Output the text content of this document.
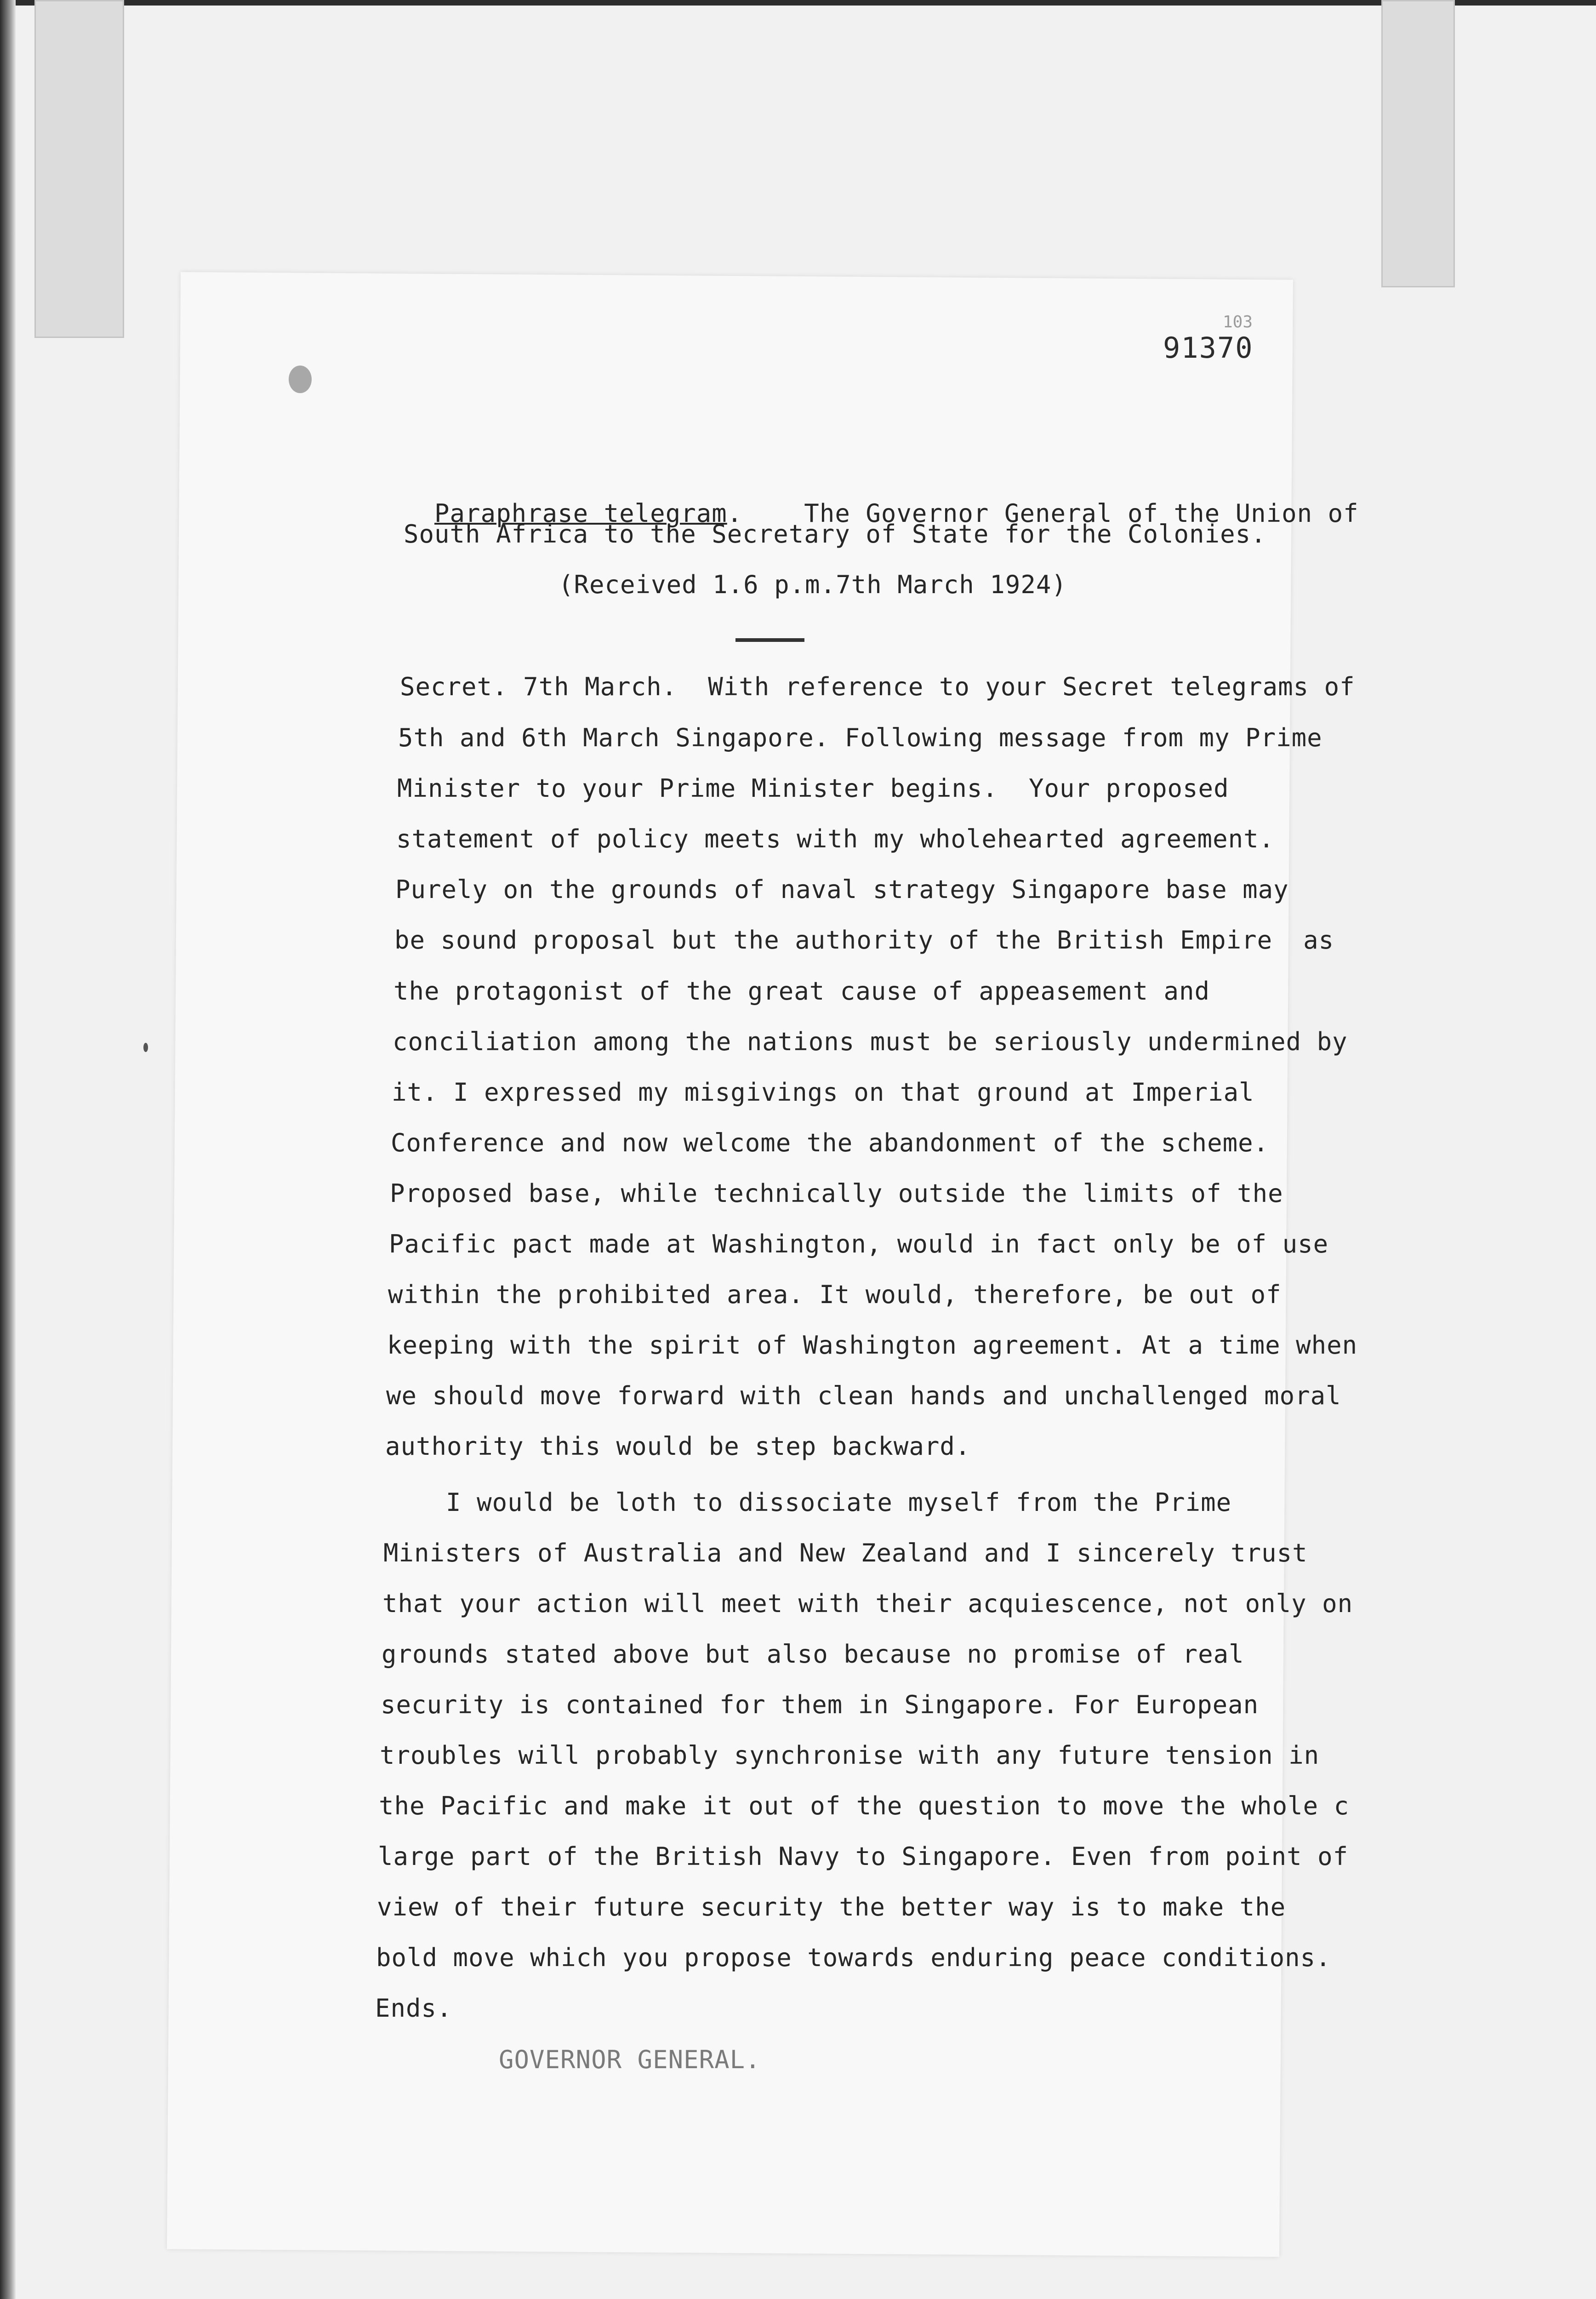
103
91370

Paraphrase telegram.    The Governor General of the Union of

South Africa to the Secretary of State for the Colonies.
(Received 1.6 p.m.7th March 1924)
Secret. 7th March.  With reference to your Secret telegrams of
5th and 6th March Singapore. Following message from my Prime
Minister to your Prime Minister begins.  Your proposed
statement of policy meets with my wholehearted agreement.
Purely on the grounds of naval strategy Singapore base may
be sound proposal but the authority of the British Empire  as
the protagonist of the great cause of appeasement and
conciliation among the nations must be seriously undermined by
it. I expressed my misgivings on that ground at Imperial
Conference and now welcome the abandonment of the scheme.
Proposed base, while technically outside the limits of the
Pacific pact made at Washington, would in fact only be of use
within the prohibited area. It would, therefore, be out of
keeping with the spirit of Washington agreement. At a time when
we should move forward with clean hands and unchallenged moral
authority this would be step backward.
I would be loth to dissociate myself from the Prime
Ministers of Australia and New Zealand and I sincerely trust
that your action will meet with their acquiescence, not only on
grounds stated above but also because no promise of real
security is contained for them in Singapore. For European
troubles will probably synchronise with any future tension in
the Pacific and make it out of the question to move the whole c
large part of the British Navy to Singapore. Even from point of
view of their future security the better way is to make the
bold move which you propose towards enduring peace conditions.
Ends.
GOVERNOR GENERAL.
